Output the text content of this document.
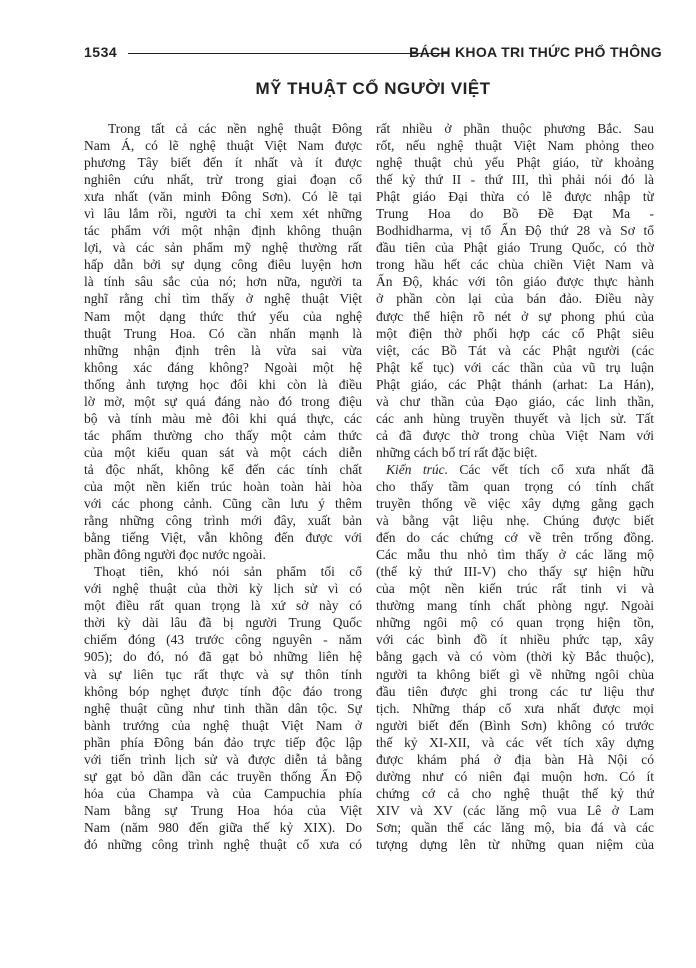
1534	BÁCH KHOA TRI THỨC PHỔ THÔNG
MỸ THUẬT CỔ NGƯỜI VIỆT
Trong tất cả các nền nghệ thuật Đông
Nam Á, có lẽ nghệ thuật Việt Nam được
phương Tây biết đến ít nhất và ít được
nghiên cứu nhất, trừ trong giai đoạn cổ
xưa nhất (văn minh Đông Sơn). Có lẽ tại
vì lâu lắm rồi, người ta chỉ xem xét những
tác phẩm với một nhận định không thuận
lợi, và các sản phẩm mỹ nghệ thường rất
hấp dẫn bởi sự dụng công điêu luyện hơn
là tính sâu sắc của nó; hơn nữa, người ta
nghĩ rằng chỉ tìm thấy ở nghệ thuật Việt
Nam một dạng thức thứ yếu của nghệ
thuật Trung Hoa. Có cần nhấn mạnh là
những nhận định trên là vừa sai vừa
không xác đáng không? Ngoài một hệ
thống ảnh tượng học đôi khi còn là điều
lờ mờ, một sự quá đáng nào đó trong điệu
bộ và tính màu mè đôi khi quá thực, các
tác phẩm thường cho thấy một cảm thức
của một kiểu quan sát và một cách diễn
tả độc nhất, không kể đến các tính chất
của một nền kiến trúc hoàn toàn hài hòa
với các phong cảnh. Cũng cần lưu ý thêm
rằng những công trình mới đây, xuất bản
bằng tiếng Việt, vẫn không đến được với
phần đông người đọc nước ngoài.
Thoạt tiên, khó nói sản phẩm tối cổ
với nghệ thuật của thời kỳ lịch sử vì có
một điều rất quan trọng là xứ sở này có
thời kỳ dài lâu đã bị người Trung Quốc
chiếm đóng (43 trước công nguyên - năm
905); do đó, nó đã gạt bỏ những liên hệ
và sự liên tục rất thực và sự thôn tính
không bóp nghẹt được tính độc đáo trong
nghệ thuật cũng như tinh thần dân tộc. Sự
bành trướng của nghệ thuật Việt Nam ở
phần phía Đông bán đảo trực tiếp độc lập
với tiến trình lịch sử và được diễn tả bằng
sự gạt bỏ dần dần các truyền thống Ấn Độ
hóa của Champa và của Campuchia phía
Nam bằng sự Trung Hoa hóa của Việt
Nam (năm 980 đến giữa thế kỷ XIX). Do
đó những công trình nghệ thuật cổ xưa có
rất nhiều ở phần thuộc phương Bắc. Sau
rốt, nếu nghệ thuật Việt Nam phỏng theo
nghệ thuật chủ yếu Phật giáo, từ khoảng
thế kỷ thứ II - thứ III, thì phải nói đó là
Phật giáo Đại thừa có lẽ được nhập từ
Trung Hoa do Bồ Đề Đạt Ma -
Bodhidharma, vị tổ Ấn Độ thứ 28 và Sơ tổ
đầu tiên của Phật giáo Trung Quốc, có thờ
trong hầu hết các chùa chiền Việt Nam và
Ấn Độ, khác với tôn giáo được thực hành
ở phần còn lại của bán đảo. Điều này
được thể hiện rõ nét ở sự phong phú của
một điện thờ phối hợp các cổ Phật siêu
việt, các Bồ Tát và các Phật người (các
Phật kế tục) với các thần của vũ trụ luận
Phật giáo, các Phật thánh (arhat: La Hán),
và chư thần của Đạo giáo, các linh thần,
các anh hùng truyền thuyết và lịch sử. Tất
cả đã được thờ trong chùa Việt Nam với
những cách bố trí rất đặc biệt.
Kiến trúc. Các vết tích cổ xưa nhất đã
cho thấy tầm quan trọng có tính chất
truyền thống về việc xây dựng gằng gạch
và bằng vật liệu nhẹ. Chúng được biết
đến do các chứng cớ về trên trống đồng.
Các mẫu thu nhỏ tìm thấy ở các lăng mộ
(thế kỷ thứ III-V) cho thấy sự hiện hữu
của một nền kiến trúc rất tinh vi và
thường mang tính chất phòng ngự. Ngoài
những ngôi mộ có quan trọng hiện tồn,
với các bình đồ ít nhiều phức tạp, xây
bằng gạch và có vòm (thời kỳ Bắc thuộc),
người ta không biết gì về những ngôi chùa
đầu tiên được ghi trong các tư liệu thư
tịch. Những tháp cổ xưa nhất được mọi
người biết đến (Bình Sơn) không có trước
thế kỷ XI-XII, và các vết tích xây dựng
được khám phá ở địa bàn Hà Nội có
dường như có niên đại muộn hơn. Có ít
chứng cớ cả cho nghệ thuật thế kỷ thứ
XIV và XV (các lăng mộ vua Lê ở Lam
Sơn; quần thể các lăng mộ, bia đá và các
tượng dựng lên từ những quan niệm của
